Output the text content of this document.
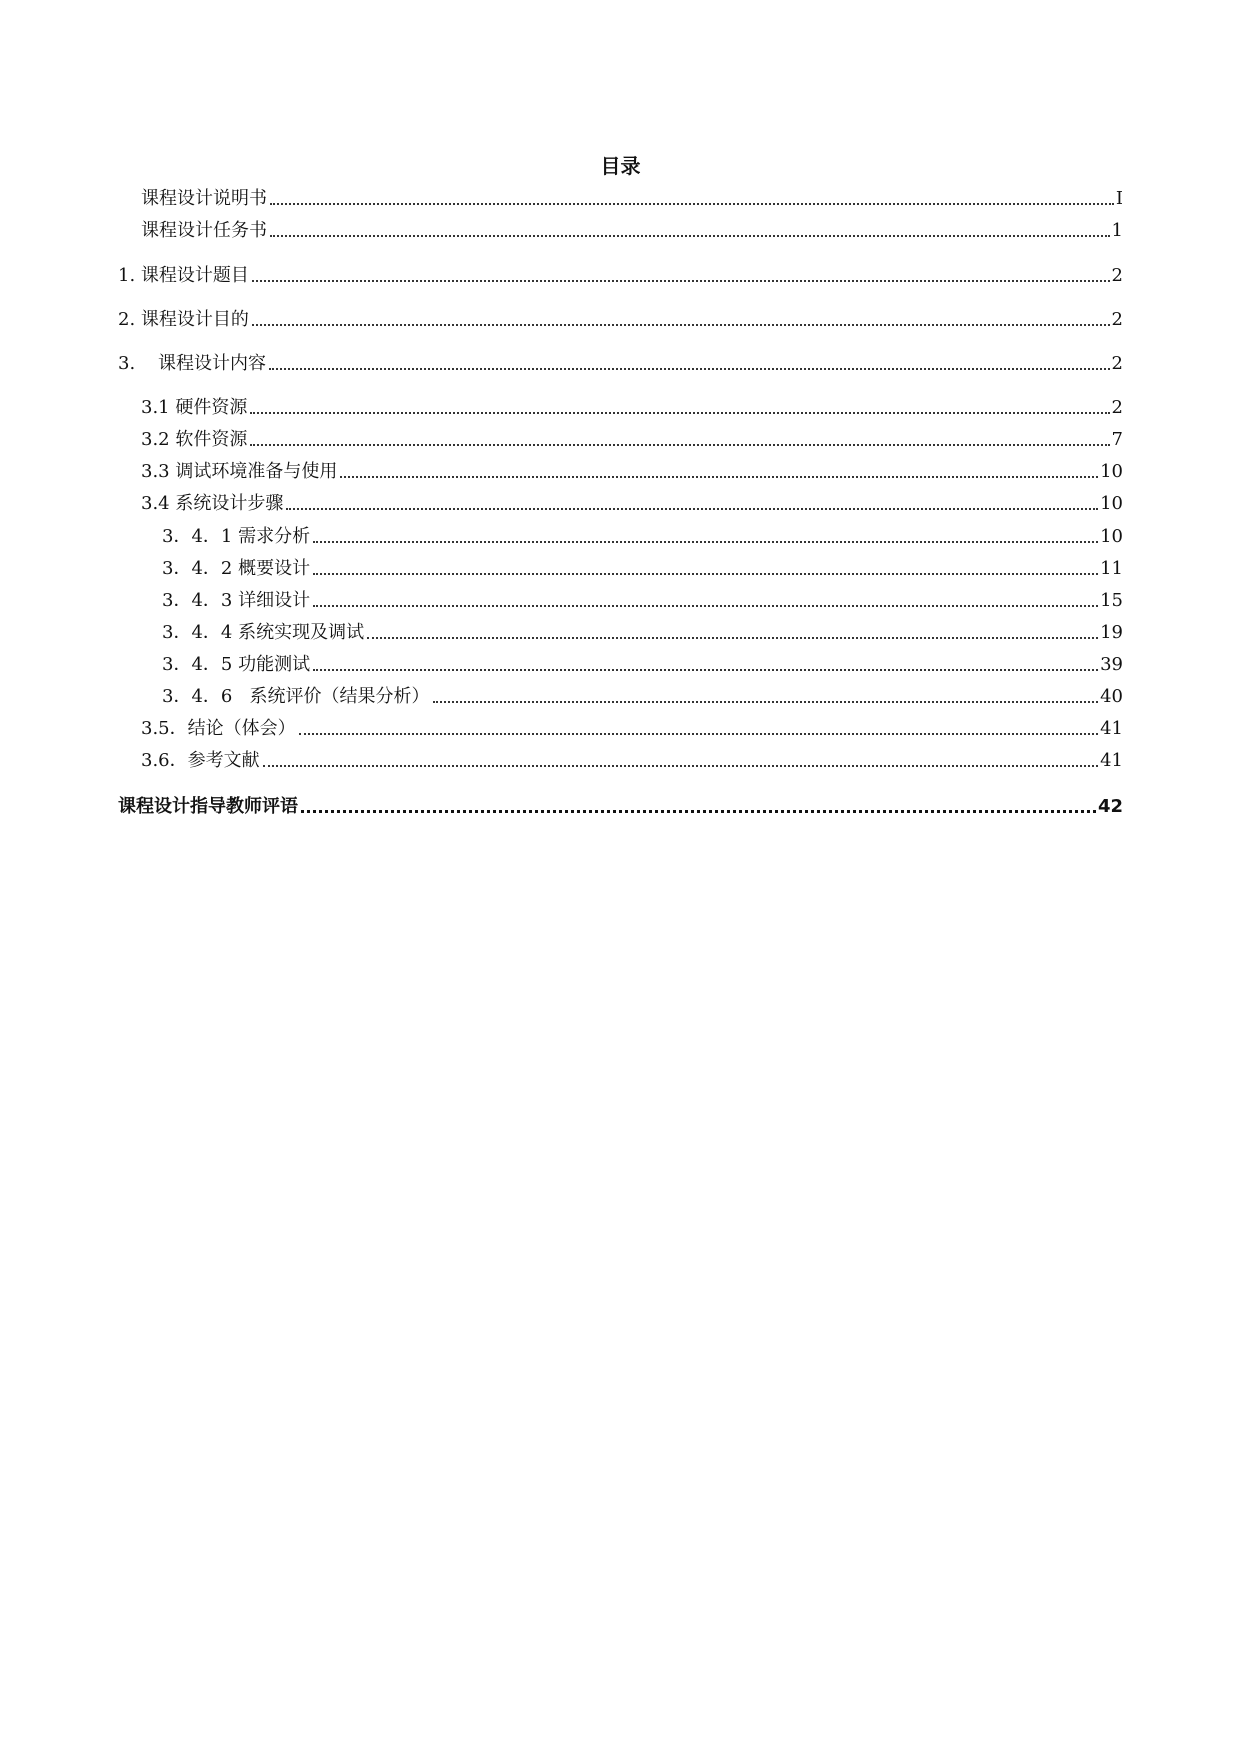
目录
课程设计说明书	I
课程设计任务书	1
1. 课程设计题目	2
2. 课程设计目的	2
3.    课程设计内容	2
3.1 硬件资源	2
3.2 软件资源	7
3.3 调试环境准备与使用	10
3.4 系统设计步骤	10
3．4．1 需求分析	10
3．4．2 概要设计	11
3．4．3 详细设计	15
3．4．4 系统实现及调试	19
3．4．5 功能测试	39
3．4．6   系统评价（结果分析）	40
3.5．结论（体会）	41
3.6．参考文献	41
课程设计指导教师评语	42
